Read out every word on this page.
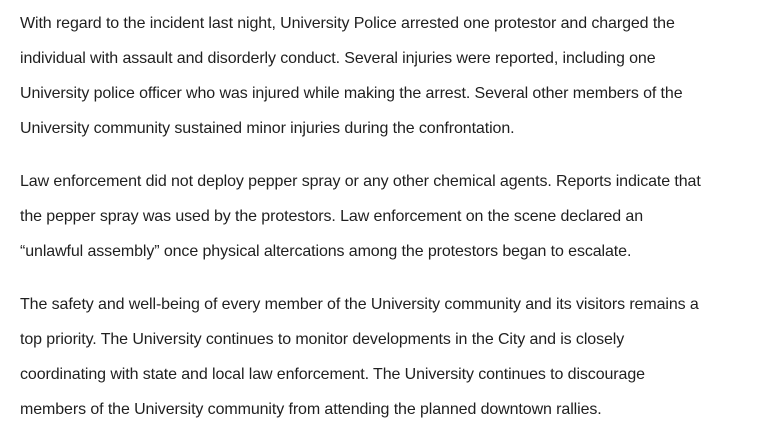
With regard to the incident last night, University Police arrested one protestor and charged the
individual with assault and disorderly conduct. Several injuries were reported, including one
University police officer who was injured while making the arrest. Several other members of the
University community sustained minor injuries during the confrontation.

Law enforcement did not deploy pepper spray or any other chemical agents. Reports indicate that
the pepper spray was used by the protestors. Law enforcement on the scene declared an
“unlawful assembly” once physical altercations among the protestors began to escalate.

The safety and well-being of every member of the University community and its visitors remains a
top priority. The University continues to monitor developments in the City and is closely
coordinating with state and local law enforcement. The University continues to discourage
members of the University community from attending the planned downtown rallies.
